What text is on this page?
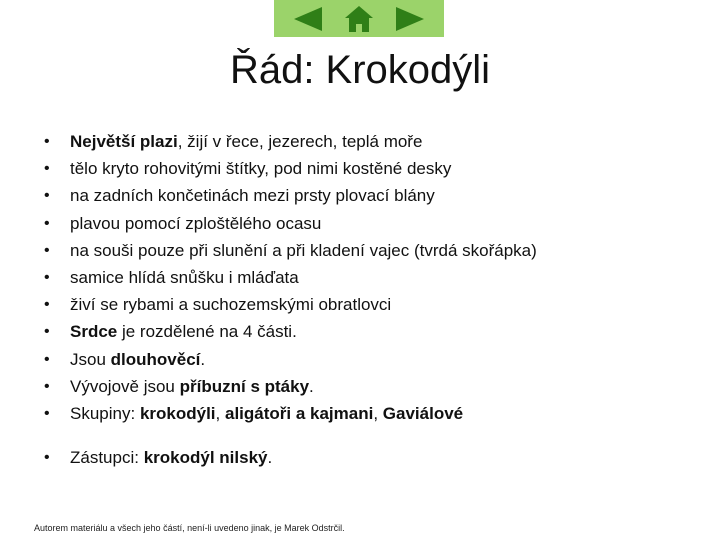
Řád: Krokodýli
• Největší plazi, žijí v řece, jezerech, teplá moře
• tělo kryto rohovitými štítky, pod nimi kostěné desky
• na zadních končetinách mezi prsty plovací blány
• plavou pomocí zploštělého ocasu
• na souši pouze při slunění a při kladení vajec (tvrdá skořápka)
• samice hlídá snůšku i mláďata
• živí se rybami a suchozemskými obratlovci
• Srdce je rozdělené na 4 části.
• Jsou dlouhověcí.
• Vývojově jsou příbuzní s ptáky.
• Skupiny: krokodýli, aligátoři a kajmani, Gaviálové
• Zástupci: krokodýl nilský.
Autorem materiálu a všech jeho částí, není-li uvedeno jinak, je Marek Odstrčil.
